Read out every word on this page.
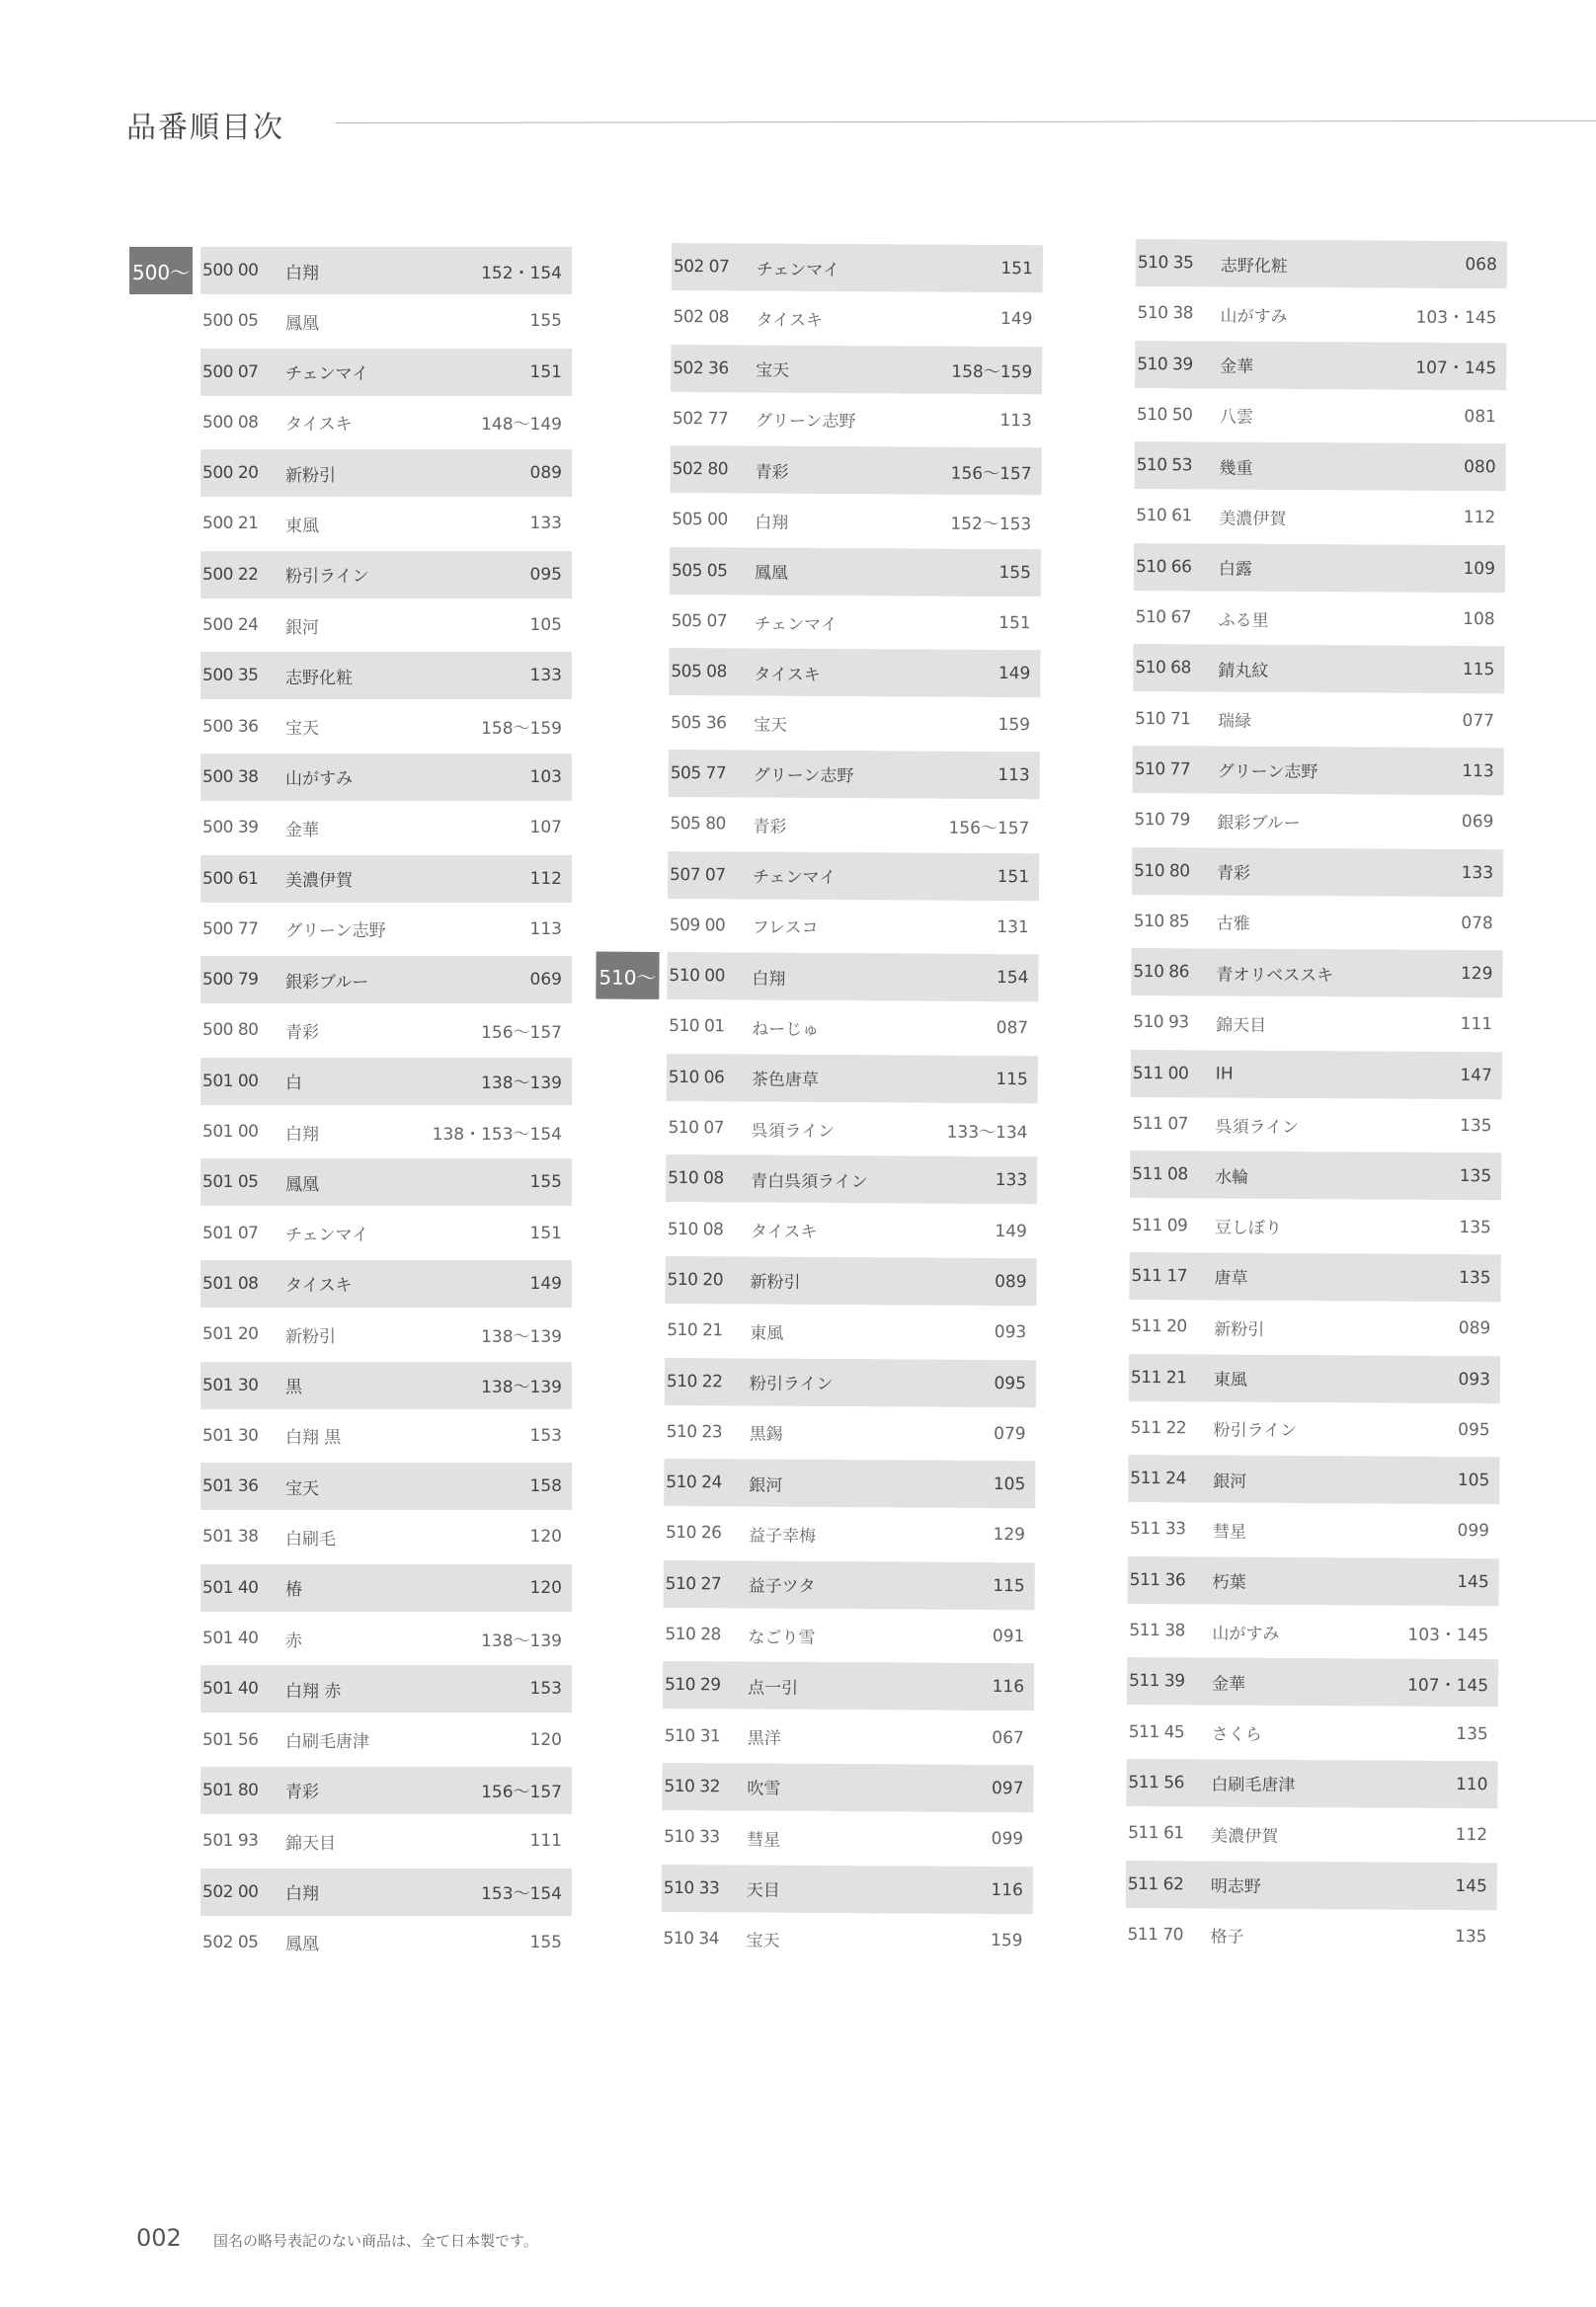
品番順目次
500 00	白翔	152・154
500～
500 05	鳳凰	155
500 07	チェンマイ	151
500 08	タイスキ	148～149
500 20	新粉引	089
500 21	東風	133
500 22	粉引ライン	095
500 24	銀河	105
500 35	志野化粧	133
500 36	宝天	158～159
500 38	山がすみ	103
500 39	金華	107
500 61	美濃伊賀	112
500 77	グリーン志野	113
500 79	銀彩ブルー	069
500 80	青彩	156～157
501 00	白	138～139
501 00	白翔	138・153～154
501 05	鳳凰	155
501 07	チェンマイ	151
501 08	タイスキ	149
501 20	新粉引	138～139
501 30	黒	138～139
501 30	白翔 黒	153
501 36	宝天	158
501 38	白刷毛	120
501 40	椿	120
501 40	赤	138～139
501 40	白翔 赤	153
501 56	白刷毛唐津	120
501 80	青彩	156～157
501 93	錦天目	111
502 00	白翔	153～154
502 05	鳳凰	155
502 07	チェンマイ	151
502 08	タイスキ	149
502 36	宝天	158～159
502 77	グリーン志野	113
502 80	青彩	156～157
505 00	白翔	152～153
505 05	鳳凰	155
505 07	チェンマイ	151
505 08	タイスキ	149
505 36	宝天	159
505 77	グリーン志野	113
505 80	青彩	156～157
507 07	チェンマイ	151
509 00	フレスコ	131
510 00	白翔	154
510～
510 01	ねーじゅ	087
510 06	茶色唐草	115
510 07	呉須ライン	133～134
510 08	青白呉須ライン	133
510 08	タイスキ	149
510 20	新粉引	089
510 21	東風	093
510 22	粉引ライン	095
510 23	黒錫	079
510 24	銀河	105
510 26	益子幸梅	129
510 27	益子ツタ	115
510 28	なごり雪	091
510 29	点一引	116
510 31	黒洋	067
510 32	吹雪	097
510 33	彗星	099
510 33	天目	116
510 34	宝天	159
510 35	志野化粧	068
510 38	山がすみ	103・145
510 39	金華	107・145
510 50	八雲	081
510 53	幾重	080
510 61	美濃伊賀	112
510 66	白露	109
510 67	ふる里	108
510 68	錆丸紋	115
510 71	瑞緑	077
510 77	グリーン志野	113
510 79	銀彩ブルー	069
510 80	青彩	133
510 85	古雅	078
510 86	青オリベススキ	129
510 93	錦天目	111
511 00	IH	147
511 07	呉須ライン	135
511 08	水輪	135
511 09	豆しぼり	135
511 17	唐草	135
511 20	新粉引	089
511 21	東風	093
511 22	粉引ライン	095
511 24	銀河	105
511 33	彗星	099
511 36	朽葉	145
511 38	山がすみ	103・145
511 39	金華	107・145
511 45	さくら	135
511 56	白刷毛唐津	110
511 61	美濃伊賀	112
511 62	明志野	145
511 70	格子	135
002 国名の略号表記のない商品は、全て日本製です。
